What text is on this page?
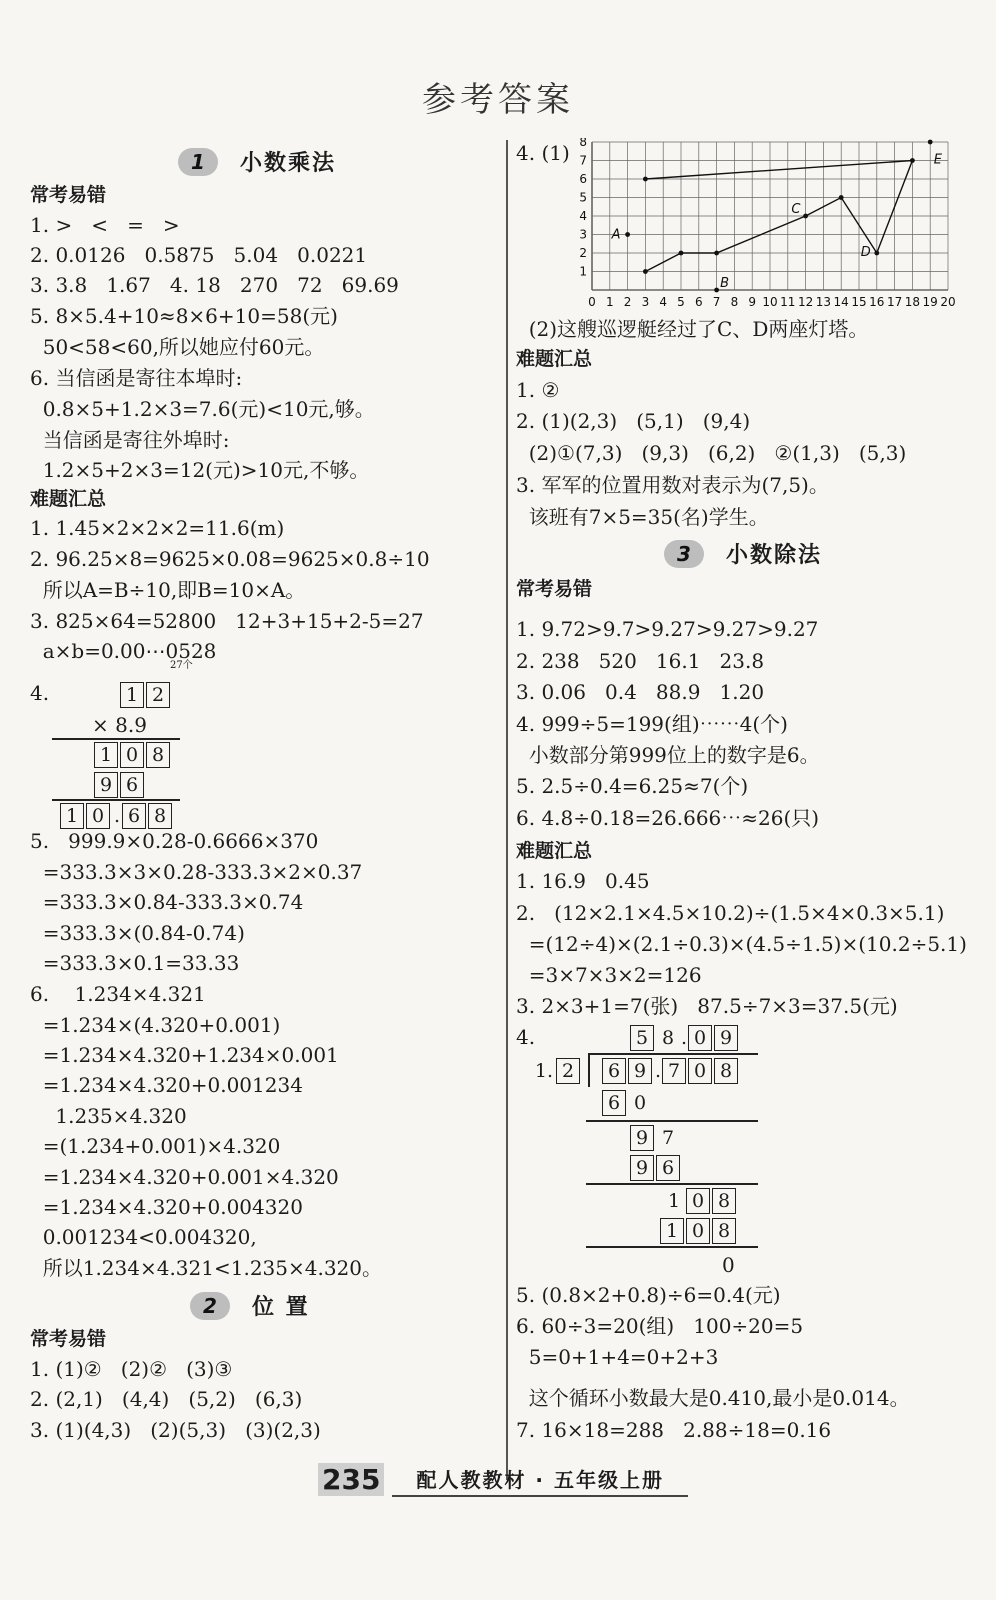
参考答案
1	小数乘法
常考易错
1. >   <   =   >
2. 0.0126   0.5875   5.04   0.0221
3. 3.8   1.67   4. 18   270   72   69.69
5. 8×5.4+10≈8×6+10=58(元)
50<58<60,所以她应付60元。
6. 当信函是寄往本埠时:
0.8×5+1.2×3=7.6(元)<10元,够。
当信函是寄往外埠时:
1.2×5+2×3=12(元)>10元,不够。
难题汇总
1. 1.45×2×2×2=11.6(m)
2. 96.25×8=9625×0.08=9625×0.8÷10
所以A=B÷10,即B=10×A。
3. 825×64=52800   12+3+15+2-5=27
a×b=0.00⋯0528
27个
4.	1 2
× 8.9
1 0 8
9 6
1 0 . 6 8
5.   999.9×0.28-0.6666×370
=333.3×3×0.28-333.3×2×0.37
=333.3×0.84-333.3×0.74
=333.3×(0.84-0.74)
=333.3×0.1=33.33
6.    1.234×4.321
=1.234×(4.320+0.001)
=1.234×4.320+1.234×0.001
=1.234×4.320+0.001234
1.235×4.320
=(1.234+0.001)×4.320
=1.234×4.320+0.001×4.320
=1.234×4.320+0.004320
0.001234<0.004320,
所以1.234×4.321<1.235×4.320。
2	位 置
常考易错
1. (1)②   (2)②   (3)③
2. (2,1)   (4,4)   (5,2)   (6,3)
3. (1)(4,3)   (2)(5,3)   (3)(2,3)
4. (1)
0 1 2 3 4 5 6 7 8 9 10 11 12 13 14 15 16 17 18 19 20
1
2
3
4
5
6
7
8
A
B
C
D
E
(2)这艘巡逻艇经过了C、D两座灯塔。
难题汇总
1. ②
2. (1)(2,3)   (5,1)   (9,4)
(2)①(7,3)   (9,3)   (6,2)   ②(1,3)   (5,3)
3. 军军的位置用数对表示为(7,5)。
该班有7×5=35(名)学生。
3	小数除法
常考易错
1. 9.72>9.7>9.27>9.27>9.27
2. 238   520   16.1   23.8
3. 0.06   0.4   88.9   1.20
4. 999÷5=199(组)⋯⋯4(个)
小数部分第999位上的数字是6。
5. 2.5÷0.4=6.25≈7(个)
6. 4.8÷0.18=26.666⋯≈26(只)
难题汇总
1. 16.9   0.45
2.   (12×2.1×4.5×10.2)÷(1.5×4×0.3×5.1)
=(12÷4)×(2.1÷0.3)×(4.5÷1.5)×(10.2÷5.1)
=3×7×3×2=126
3. 2×3+1=7(张)   87.5÷7×3=37.5(元)
4.	5 8 . 0 9
1. 2	6 9 . 7 0 8
6 0
9 7
9 6
1 0 8
1 0 8
0
5. (0.8×2+0.8)÷6=0.4(元)
6. 60÷3=20(组)   100÷20=5
5=0+1+4=0+2+3
这个循环小数最大是0.410,最小是0.014。
7. 16×18=288   2.88÷18=0.16
235	配人教教材 · 五年级上册
